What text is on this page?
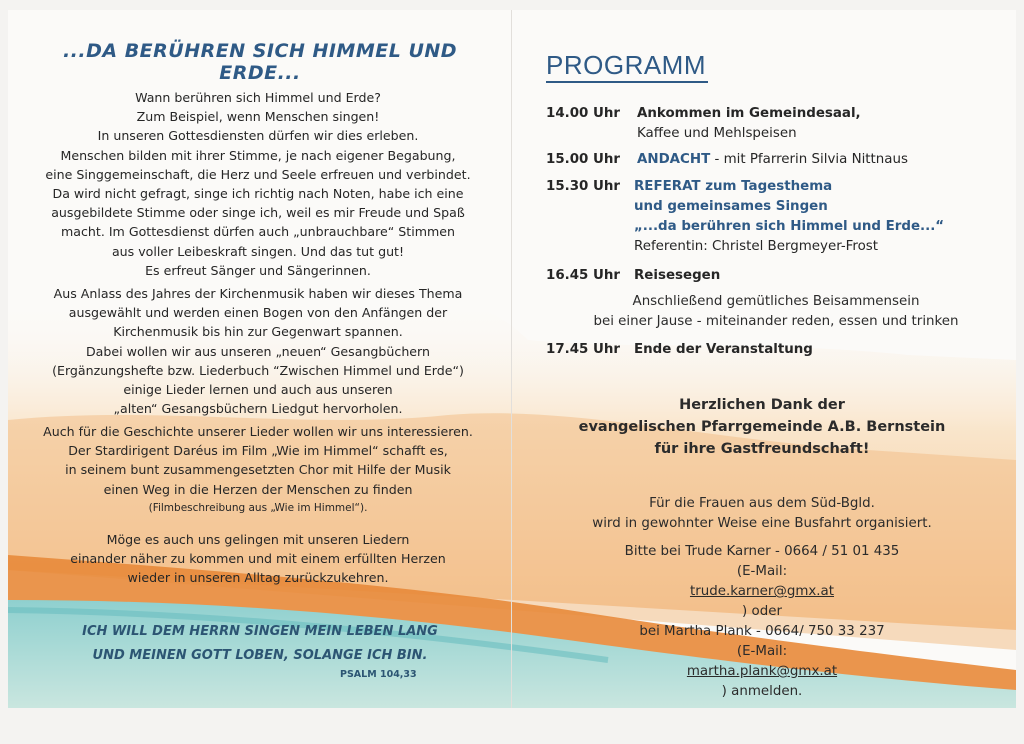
...DA BERÜHREN SICH HIMMEL UND ERDE...
Wann berühren sich Himmel und Erde?
Zum Beispiel, wenn Menschen singen!
In unseren Gottesdiensten dürfen wir dies erleben.
Menschen bilden mit ihrer Stimme, je nach eigener Begabung,
eine Singgemeinschaft, die Herz und Seele erfreuen und verbindet.
Da wird nicht gefragt, singe ich richtig nach Noten, habe ich eine
ausgebildete Stimme oder singe ich, weil es mir Freude und Spaß
macht. Im Gottesdienst dürfen auch „unbrauchbare“ Stimmen
aus voller Leibeskraft singen. Und das tut gut!
Es erfreut Sänger und Sängerinnen.
Aus Anlass des Jahres der Kirchenmusik haben wir dieses Thema
ausgewählt und werden einen Bogen von den Anfängen der
Kirchenmusik bis hin zur Gegenwart spannen.
Dabei wollen wir aus unseren „neuen“ Gesangbüchern
(Ergänzungshefte bzw. Liederbuch “Zwischen Himmel und Erde“)
einige Lieder lernen und auch aus unseren
„alten“ Gesangsbüchern Liedgut hervorholen.
Auch für die Geschichte unserer Lieder wollen wir uns interessieren.
Der Stardirigent Daréus im Film „Wie im Himmel“ schafft es,
in seinem bunt zusammengesetzten Chor mit Hilfe der Musik
einen Weg in die Herzen der Menschen zu finden
(Filmbeschreibung aus „Wie im Himmel“).
Möge es auch uns gelingen mit unseren Liedern
einander näher zu kommen und mit einem erfüllten Herzen
wieder in unseren Alltag zurückzukehren.
ICH WILL DEM HERRN SINGEN MEIN LEBEN LANG
UND MEINEN GOTT LOBEN, SOLANGE ICH BIN.
PSALM 104,33
PROGRAMM
14.00 Uhr Ankommen im Gemeindesaal,
Kaffee und Mehlspeisen
15.00 Uhr ANDACHT - mit Pfarrerin Silvia Nittnaus
15.30 Uhr REFERAT zum Tagesthema
und gemeinsames Singen
„...da berühren sich Himmel und Erde...“
Referentin: Christel Bergmeyer-Frost
16.45 Uhr Reisesegen
Anschließend gemütliches Beisammensein
bei einer Jause - miteinander reden, essen und trinken
17.45 Uhr Ende der Veranstaltung
Herzlichen Dank der
evangelischen Pfarrgemeinde A.B. Bernstein
für ihre Gastfreundschaft!
Für die Frauen aus dem Süd-Bgld.
wird in gewohnter Weise eine Busfahrt organisiert.
Bitte bei Trude Karner - 0664 / 51 01 435
(E-Mail:
trude.karner@gmx.at
) oder
bei Martha Plank - 0664/ 750 33 237
(E-Mail:
martha.plank@gmx.at
) anmelden.
